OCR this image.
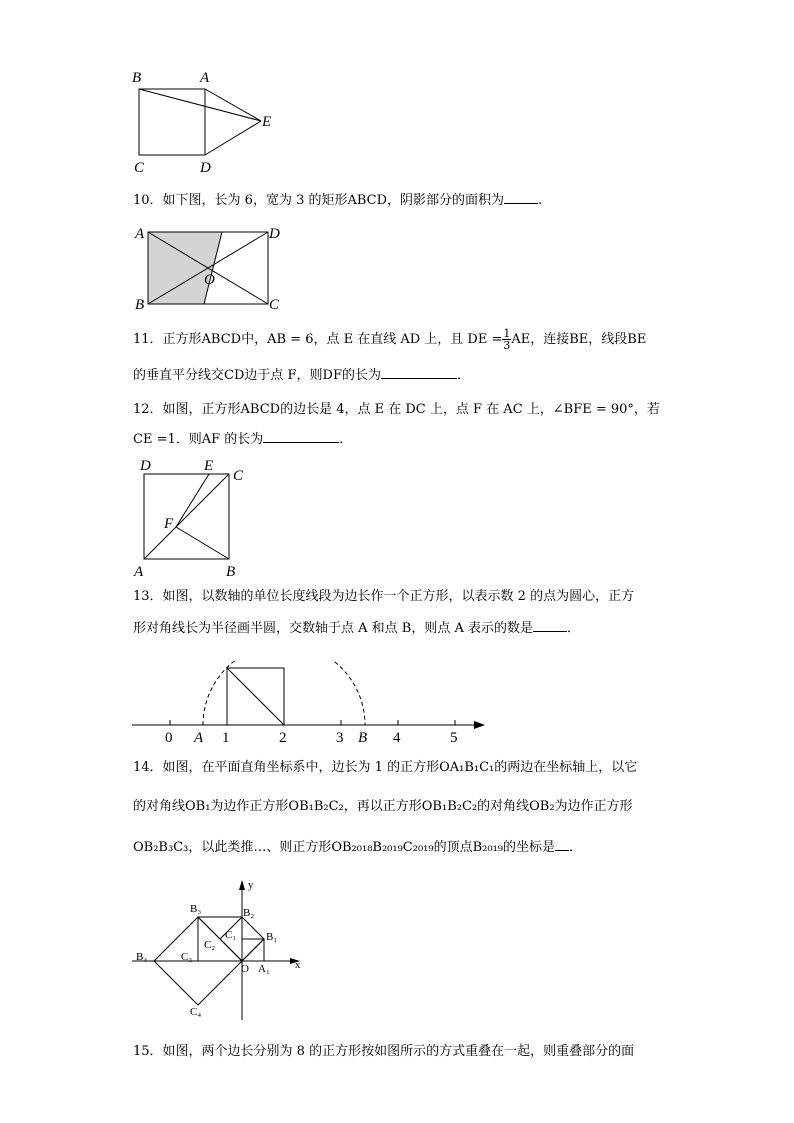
B	A
E
C	D
10．如下图，长为 6，宽为 3 的矩形ABCD，阴影部分的面积为	.
A	D
B	C
O
11．正方形ABCD中，AB = 6，点 E 在直线 AD 上，且 DE = $\frac{1}{3}$ AE，连接BE，线段BE
的垂直平分线交CD边于点 F，则DF的长为	．
12．如图，正方形ABCD的边长是 4，点 E 在 DC 上，点 F 在 AC 上，∠BFE = 90°，若
CE =1．则AF 的长为	．
D	E
C
F
A	B
13．如图，以数轴的单位长度线段为边长作一个正方形，以表示数 2 的点为圆心，正方
形对角线长为半径画半圆，交数轴于点 A 和点 B，则点 A 表示的数是	．
0 A 1	2	3 B 4	5
14．如图，在平面直角坐标系中，边长为 1 的正方形OA₁B₁C₁的两边在坐标轴上，以它
的对角线OB₁为边作正方形OB₁B₂C₂，再以正方形OB₁B₂C₂的对角线OB₂为边作正方形
OB₂B₃C₃，以此类推…、则正方形OB₂₀₁₈B₂₀₁₉C₂₀₁₉的顶点B₂₀₁₉的坐标是 ．
y
x
B₃	B₂
C₁	B₁
C₂
C₃
B₄
O A₁
C₄
15．如图，两个边长分别为 8 的正方形按如图所示的方式重叠在一起，则重叠部分的面
